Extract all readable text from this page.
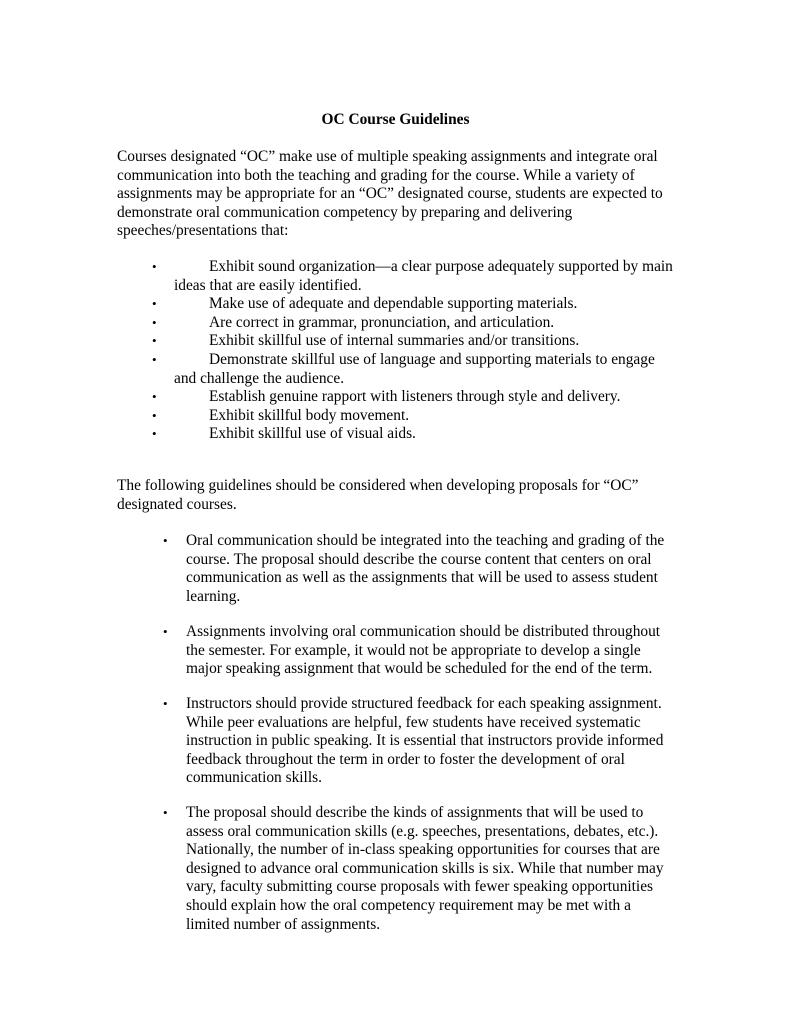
OC Course Guidelines

Courses designated “OC” make use of multiple speaking assignments and integrate oral communication into both the teaching and grading for the course. While a variety of assignments may be appropriate for an “OC” designated course, students are expected to demonstrate oral communication competency by preparing and delivering speeches/presentations that:

•	Exhibit sound organization—a clear purpose adequately supported by main ideas that are easily identified.
•	Make use of adequate and dependable supporting materials.
•	Are correct in grammar, pronunciation, and articulation.
•	Exhibit skillful use of internal summaries and/or transitions.
•	Demonstrate skillful use of language and supporting materials to engage and challenge the audience.
•	Establish genuine rapport with listeners through style and delivery.
•	Exhibit skillful body movement.
•	Exhibit skillful use of visual aids.

The following guidelines should be considered when developing proposals for “OC” designated courses.

• Oral communication should be integrated into the teaching and grading of the course. The proposal should describe the course content that centers on oral communication as well as the assignments that will be used to assess student learning.
• Assignments involving oral communication should be distributed throughout the semester. For example, it would not be appropriate to develop a single major speaking assignment that would be scheduled for the end of the term.
• Instructors should provide structured feedback for each speaking assignment. While peer evaluations are helpful, few students have received systematic instruction in public speaking. It is essential that instructors provide informed feedback throughout the term in order to foster the development of oral communication skills.
• The proposal should describe the kinds of assignments that will be used to assess oral communication skills (e.g. speeches, presentations, debates, etc.). Nationally, the number of in-class speaking opportunities for courses that are designed to advance oral communication skills is six. While that number may vary, faculty submitting course proposals with fewer speaking opportunities should explain how the oral competency requirement may be met with a limited number of assignments.
